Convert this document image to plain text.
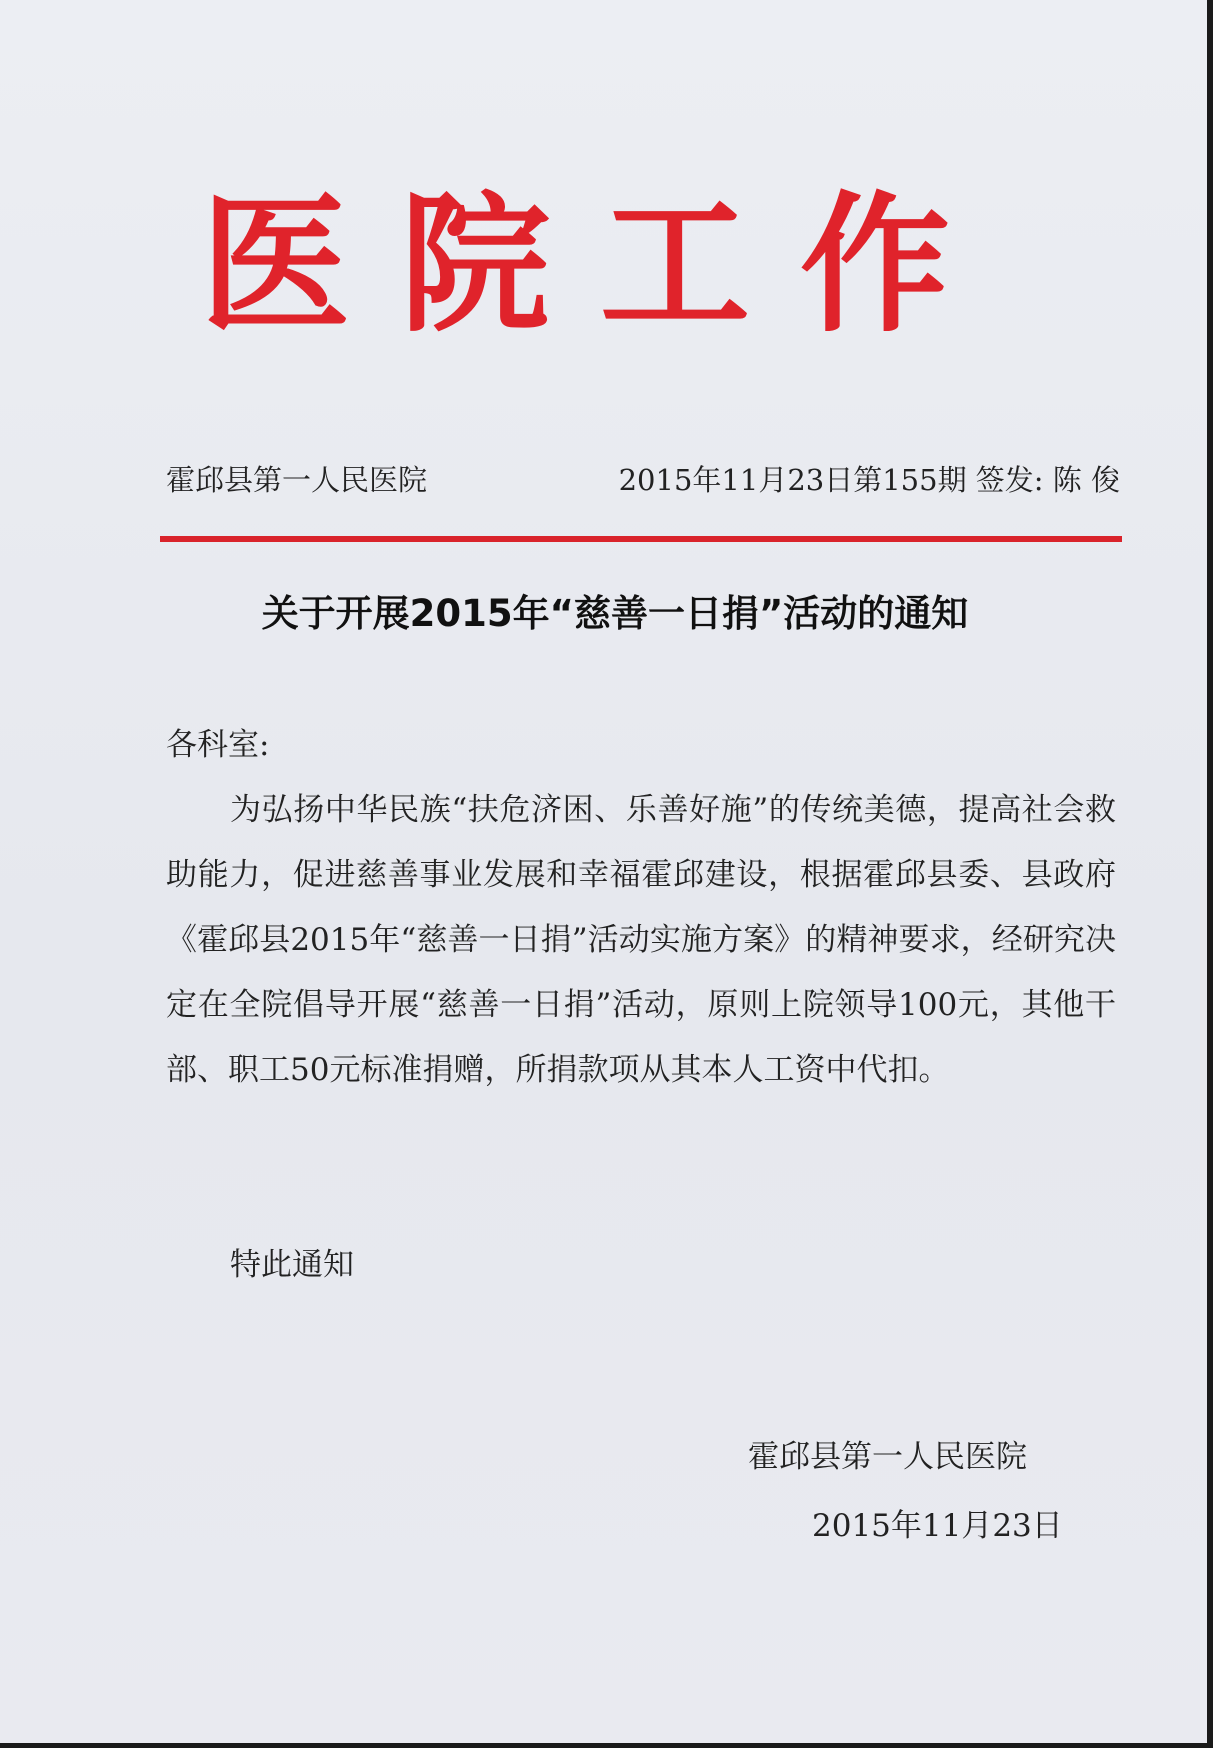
医院工作
霍邱县第一人民医院	2015年11月23日第155期 签发: 陈 俊
关于开展2015年“慈善一日捐”活动的通知

各科室:

为弘扬中华民族“扶危济困、乐善好施”的传统美德，提高社会救助能力，促进慈善事业发展和幸福霍邱建设，根据霍邱县委、县政府《霍邱县2015年“慈善一日捐”活动实施方案》的精神要求，经研究决定在全院倡导开展“慈善一日捐”活动，原则上院领导100元，其他干部、职工50元标准捐赠，所捐款项从其本人工资中代扣。

特此通知

霍邱县第一人民医院

2015年11月23日
